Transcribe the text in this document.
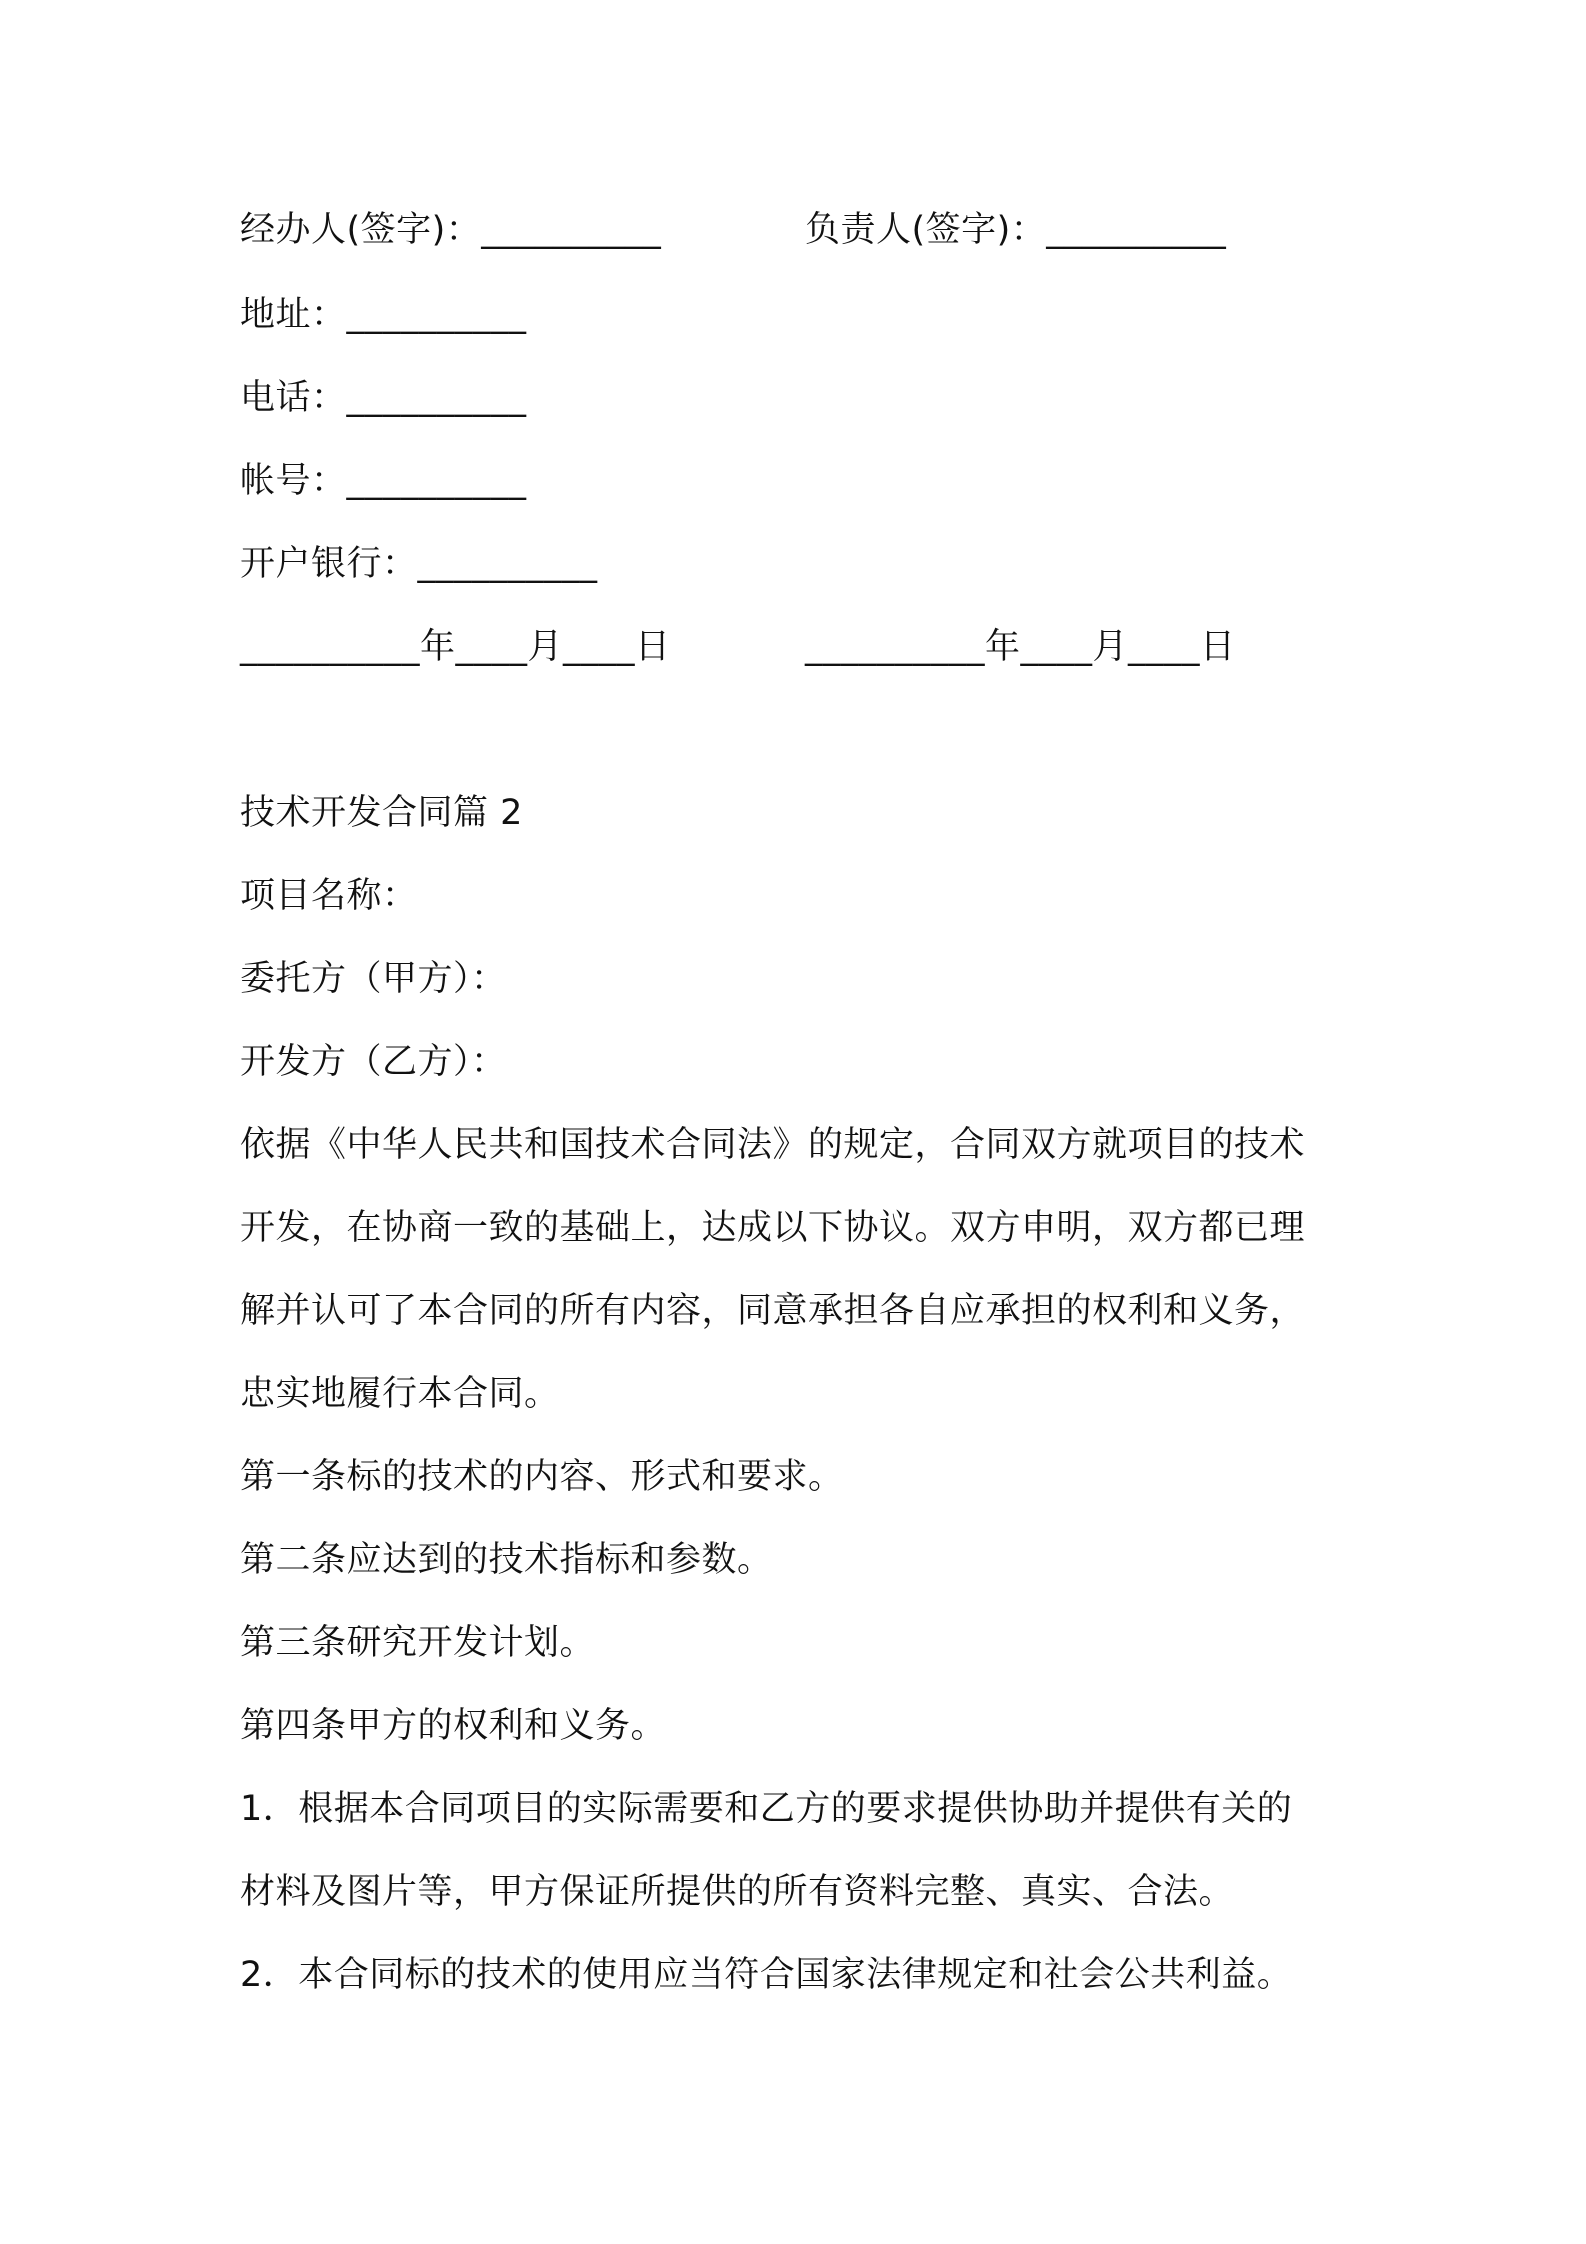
经办人(签字)：__________	负责人(签字)：__________
地址：__________
电话：__________
帐号：__________
开户银行：__________
__________年____月____日	__________年____月____日
技术开发合同篇 2
项目名称：
委托方（甲方）：
开发方（乙方）：
依据《中华人民共和国技术合同法》的规定，合同双方就项目的技术
开发，在协商一致的基础上，达成以下协议。双方申明，双方都已理
解并认可了本合同的所有内容，同意承担各自应承担的权利和义务，
忠实地履行本合同。
第一条标的技术的内容、形式和要求。
第二条应达到的技术指标和参数。
第三条研究开发计划。
第四条甲方的权利和义务。
1．根据本合同项目的实际需要和乙方的要求提供协助并提供有关的
材料及图片等，甲方保证所提供的所有资料完整、真实、合法。
2．本合同标的技术的使用应当符合国家法律规定和社会公共利益。
